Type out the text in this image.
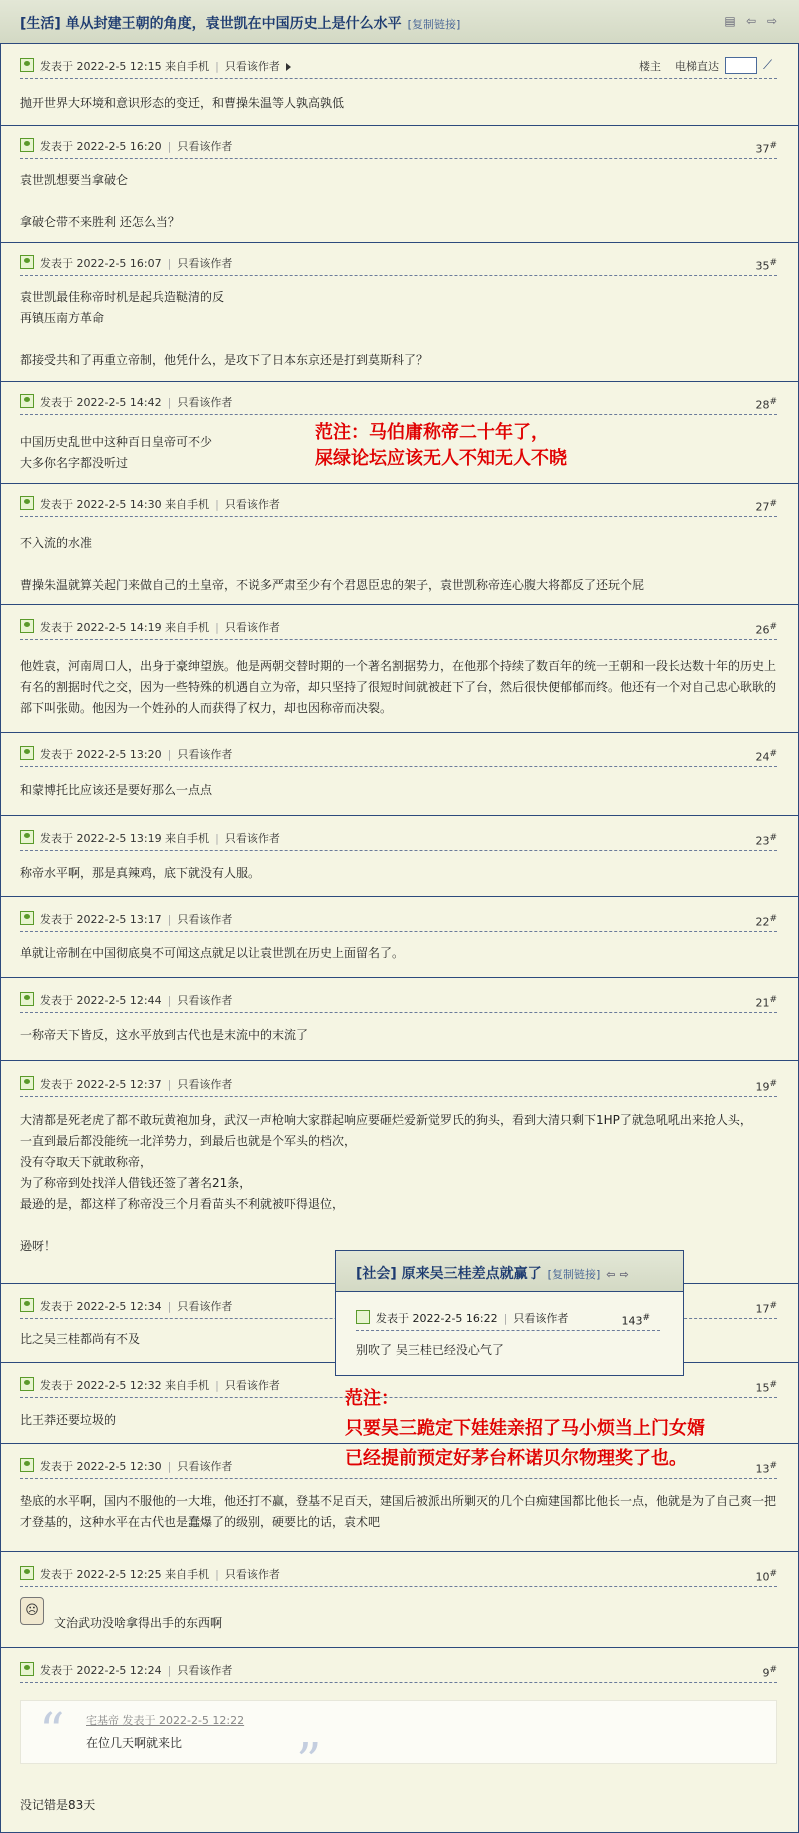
[生活] 单从封建王朝的角度，袁世凯在中国历史上是什么水平 [复制链接]	▤ ⇦ ⇨
发表于 2022-2-5 12:15 来自手机 | 只看该作者	楼主 电梯直达	⟋

抛开世界大环境和意识形态的变迁，和曹操朱温等人孰高孰低

发表于 2022-2-5 16:20 | 只看该作者	37#

袁世凯想要当拿破仑

拿破仑带不来胜利 还怎么当？

发表于 2022-2-5 16:07 | 只看该作者	35#

袁世凯最佳称帝时机是起兵造鞑清的反

再镇压南方革命

都接受共和了再重立帝制，他凭什么，是攻下了日本东京还是打到莫斯科了？

发表于 2022-2-5 14:42 | 只看该作者	28#

中国历史乱世中这种百日皇帝可不少

大多你名字都没听过

范注：马伯庸称帝二十年了，
屎绿论坛应该无人不知无人不晓
发表于 2022-2-5 14:30 来自手机 | 只看该作者	27#

不入流的水准

曹操朱温就算关起门来做自己的土皇帝，不说多严肃至少有个君恩臣忠的架子，袁世凯称帝连心腹大将都反了还玩个屁

发表于 2022-2-5 14:19 来自手机 | 只看该作者	26#

他姓袁，河南周口人，出身于豪绅望族。他是两朝交替时期的一个著名割据势力，在他那个持续了数百年的统一王朝和一段长达数十年的历史上有名的割据时代之交，因为一些特殊的机遇自立为帝，却只坚持了很短时间就被赶下了台，然后很快便郁郁而终。他还有一个对自己忠心耿耿的部下叫张勋。他因为一个姓孙的人而获得了权力，却也因称帝而决裂。

发表于 2022-2-5 13:20 | 只看该作者	24#

和蒙博托比应该还是要好那么一点点

发表于 2022-2-5 13:19 来自手机 | 只看该作者	23#

称帝水平啊，那是真辣鸡，底下就没有人服。

发表于 2022-2-5 13:17 | 只看该作者	22#

单就让帝制在中国彻底臭不可闻这点就足以让袁世凯在历史上面留名了。

发表于 2022-2-5 12:44 | 只看该作者	21#

一称帝天下皆反，这水平放到古代也是末流中的末流了

发表于 2022-2-5 12:37 | 只看该作者	19#

大清都是死老虎了都不敢玩黄袍加身，武汉一声枪响大家群起响应要砸烂爱新觉罗氏的狗头，看到大清只剩下1HP了就急吼吼出来抢人头，

一直到最后都没能统一北洋势力，到最后也就是个军头的档次，

没有夺取天下就敢称帝，

为了称帝到处找洋人借钱还签了著名21条，

最逊的是，都这样了称帝没三个月看苗头不利就被吓得退位，

逊呀！

发表于 2022-2-5 12:34 | 只看该作者	17#

比之吴三桂都尚有不及

发表于 2022-2-5 12:32 来自手机 | 只看该作者	15#

比王莽还要垃圾的

发表于 2022-2-5 12:30 | 只看该作者	13#

垫底的水平啊，国内不服他的一大堆，他还打不赢，登基不足百天，建国后被派出所剿灭的几个白痴建国都比他长一点，他就是为了自己爽一把才登基的，这种水平在古代也是蠢爆了的级别，硬要比的话，袁术吧

发表于 2022-2-5 12:25 来自手机 | 只看该作者	10#

文治武功没啥拿得出手的东西啊

☹
发表于 2022-2-5 12:24 | 只看该作者	9#

没记错是83天

“ 宅基帝 发表于 2022-2-5 12:22
在位几天啊就来比 ”
范注：
只要吴三跪定下娃娃亲招了马小烦当上门女婿
已经提前预定好茅台杯诺贝尔物理奖了也。
[社会] 原来吴三桂差点就赢了 [复制链接] ⇦ ⇨
发表于 2022-2-5 16:22 | 只看该作者	143#
别吹了 吴三桂已经没心气了
